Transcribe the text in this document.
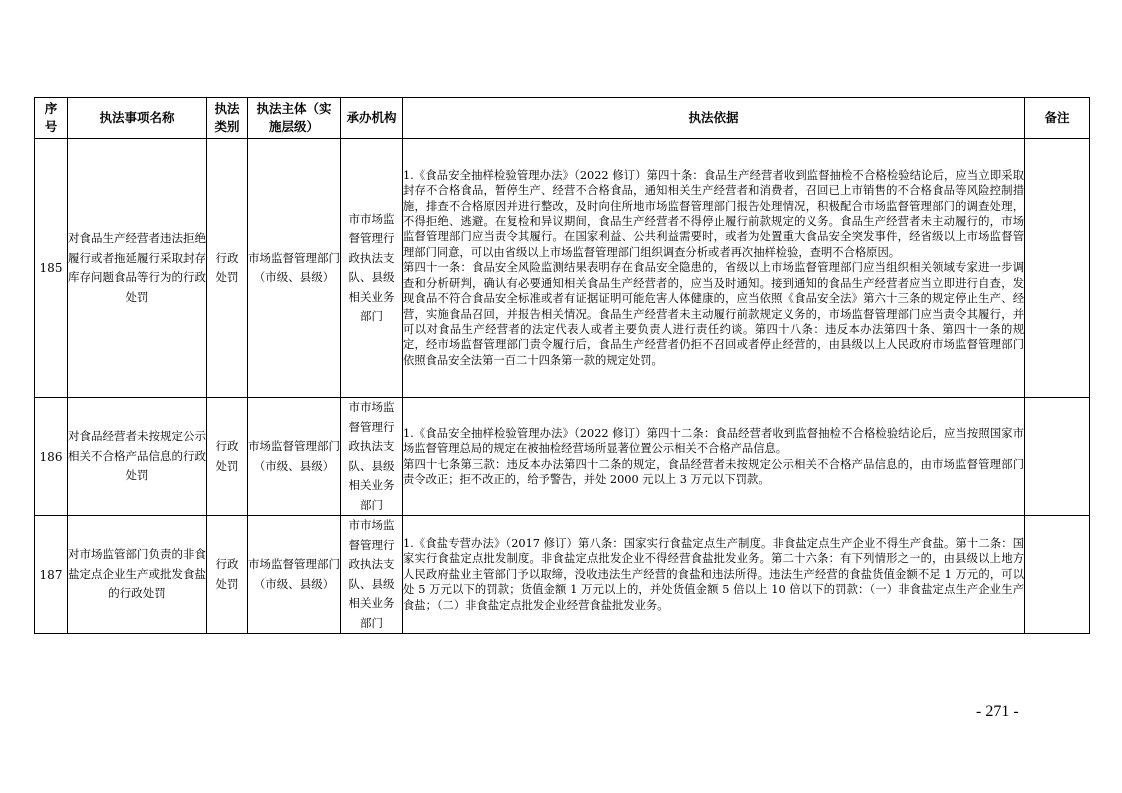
序号	执法事项名称	执法类别	执法主体（实施层级）	承办机构	执法依据	备注
185	对食品生产经营者违法拒绝履行或者拖延履行采取封存库存问题食品等行为的行政处罚	行政处罚	市场监督管理部门（市级、县级）	市市场监督管理行政执法支队、县级相关业务部门	1.《食品安全抽样检验管理办法》（2022 修订）第四十条：食品生产经营者收到监督抽检不合格检验结论后，应当立即采取封存不合格食品，暂停生产、经营不合格食品，通知相关生产经营者和消费者，召回已上市销售的不合格食品等风险控制措施，排查不合格原因并进行整改，及时向住所地市场监督管理部门报告处理情况，积极配合市场监督管理部门的调查处理，不得拒绝、逃避。在复检和异议期间，食品生产经营者不得停止履行前款规定的义务。食品生产经营者未主动履行的，市场监督管理部门应当责令其履行。在国家利益、公共利益需要时，或者为处置重大食品安全突发事件，经省级以上市场监督管理部门同意，可以由省级以上市场监督管理部门组织调查分析或者再次抽样检验，查明不合格原因。

第四十一条：食品安全风险监测结果表明存在食品安全隐患的，省级以上市场监督管理部门应当组织相关领域专家进一步调查和分析研判，确认有必要通知相关食品生产经营者的，应当及时通知。接到通知的食品生产经营者应当立即进行自查，发现食品不符合食品安全标准或者有证据证明可能危害人体健康的，应当依照《食品安全法》第六十三条的规定停止生产、经营，实施食品召回，并报告相关情况。食品生产经营者未主动履行前款规定义务的，市场监督管理部门应当责令其履行，并可以对食品生产经营者的法定代表人或者主要负责人进行责任约谈。第四十八条：违反本办法第四十条、第四十一条的规定，经市场监督管理部门责令履行后，食品生产经营者仍拒不召回或者停止经营的，由县级以上人民政府市场监督管理部门依照食品安全法第一百二十四条第一款的规定处罚。	

186	对食品经营者未按规定公示相关不合格产品信息的行政处罚	行政处罚	市场监督管理部门（市级、县级）	市市场监督管理行政执法支队、县级相关业务部门	1.《食品安全抽样检验管理办法》（2022 修订）第四十二条：食品经营者收到监督抽检不合格检验结论后，应当按照国家市场监督管理总局的规定在被抽检经营场所显著位置公示相关不合格产品信息。

第四十七条第三款：违反本办法第四十二条的规定，食品经营者未按规定公示相关不合格产品信息的，由市场监督管理部门责令改正；拒不改正的，给予警告，并处 2000 元以上 3 万元以下罚款。	

187	对市场监管部门负责的非食盐定点企业生产或批发食盐的行政处罚	行政处罚	市场监督管理部门（市级、县级）	市市场监督管理行政执法支队、县级相关业务部门	1.《食盐专营办法》（2017 修订）第八条：国家实行食盐定点生产制度。非食盐定点生产企业不得生产食盐。第十二条：国家实行食盐定点批发制度。非食盐定点批发企业不得经营食盐批发业务。第二十六条：有下列情形之一的，由县级以上地方人民政府盐业主管部门予以取缔，没收违法生产经营的食盐和违法所得。违法生产经营的食盐货值金额不足 1 万元的，可以处 5 万元以下的罚款；货值金额 1 万元以上的，并处货值金额 5 倍以上 10 倍以下的罚款：（一）非食盐定点生产企业生产食盐；（二）非食盐定点批发企业经营食盐批发业务。	

- 271 -
